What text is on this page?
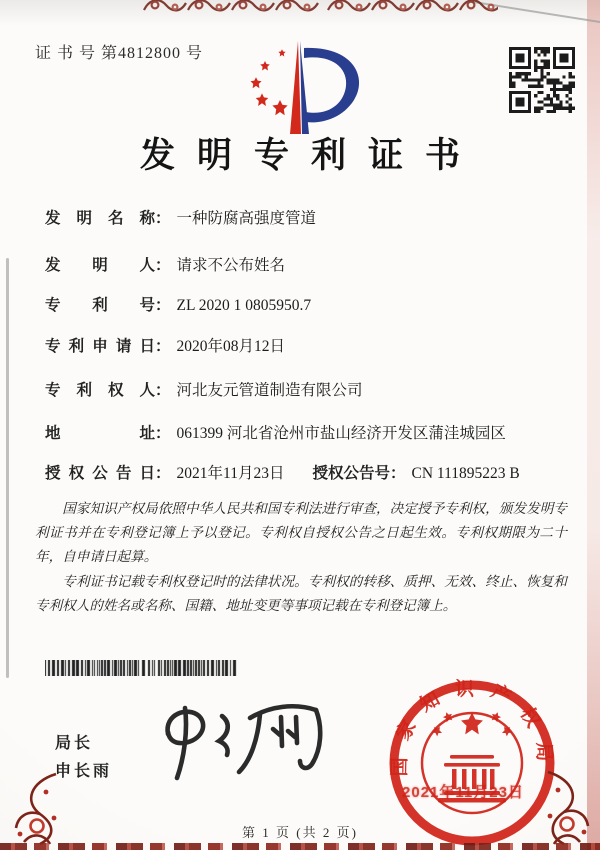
证 书 号 第4812800 号
发明专利证书
发明名称： 一种防腐高强度管道
发明人： 请求不公布姓名
专利号： ZL 2020 1 0805950.7
专利申请日： 2020年08月12日
专利权人： 河北友元管道制造有限公司
地址： 061399 河北省沧州市盐山经济开发区蒲洼城园区
授权公告日： 2021年11月23日 授权公告号： CN 111895223 B

国家知识产权局依照中华人民共和国专利法进行审查，决定授予专利权，颁发发明专利证书并在专利登记簿上予以登记。专利权自授权公告之日起生效。专利权期限为二十年，自申请日起算。

专利证书记载专利权登记时的法律状况。专利权的转移、质押、无效、终止、恢复和专利权人的姓名或名称、国籍、地址变更等事项记载在专利登记簿上。

局长
申长雨	国家知识产权局
2021年11月23日
第 1 页 (共 2 页)
